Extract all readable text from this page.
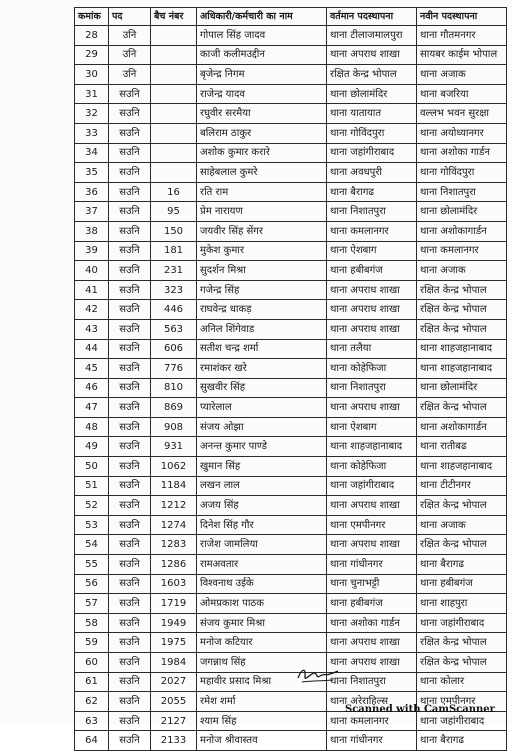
कमांक	पद	बैच नंबर	अधिकारी/कर्मचारी का नाम	वर्तमान पदस्थापना	नवीन पदस्थापना
28	उनि		गोपाल सिंह जादव	थाना टीलाजमालपुरा	थाना गौतमनगर
29	उनि		काजी कलीमउद्दीन	थाना अपराध शाखा	सायबर काईम भोपाल
30	उनि		बृजेन्द्र निगम	रक्षित केन्द्र भोपाल	थाना अजाक
31	सउनि		राजेन्द्र यादव	थाना छोलामंदिर	थाना बजरिया
32	सउनि		रघुवीर सरमैया	थाना यातायात	वल्लभ भवन सुरक्षा
33	सउनि		बलिराम ठाकुर	थाना गोविंदपुरा	थाना अयोध्यानगर
34	सउनि		अशोक कुमार करारे	थाना जहांगीराबाद	थाना अशोका गार्डन
35	सउनि		साहेबलाल कुमरे	थाना अवधपुरी	थाना गोविंदपुरा
36	सउनि	16	रति राम	थाना बैरागढ	थाना निशातपुरा
37	सउनि	95	प्रेम नारायण	थाना निशातपुरा	थाना छोलामंदिर
38	सउनि	150	जयवीर सिंह सेंगर	थाना कमलानगर	थाना अशोकागार्डन
39	सउनि	181	मुकेश कुमार	थाना ऐशबाग	थाना कमलानगर
40	सउनि	231	सुदर्शन मिश्रा	थाना हबीबगंज	थाना अजाक
41	सउनि	323	गजेन्द्र सिंह	थाना अपराध शाखा	रक्षित केन्द्र भोपाल
42	सउनि	446	राघवेन्द्र धाकड़	थाना अपराध शाखा	रक्षित केन्द्र भोपाल
43	सउनि	563	अनिल शिंगेवाड	थाना अपराध शाखा	रक्षित केन्द्र भोपाल
44	सउनि	606	सतीश चन्द्र शर्मा	थाना तलैया	थाना शाहजहानाबाद
45	सउनि	776	रमाशंकर खरे	थाना कोहेफिजा	थाना शाहजहानाबाद
46	सउनि	810	सुखवीर सिंह	थाना निशातपुरा	थाना छोलामंदिर
47	सउनि	869	प्यारेलाल	थाना अपराध शाखा	रक्षित केन्द्र भोपाल
48	सउनि	908	संजय ओझा	थाना ऐशबाग	थाना अशोकागार्डन
49	सउनि	931	अनन्त कुमार पाण्डे	थाना शाहजहानाबाद	थाना रातीबढ
50	सउनि	1062	खुमान सिंह	थाना कोहेफिजा	थाना शाहजहानाबाद
51	सउनि	1184	लखन लाल	थाना जहांगीराबाद	थाना टीटीनगर
52	सउनि	1212	अजय सिंह	थाना अपराध शाखा	रक्षित केन्द्र भोपाल
53	सउनि	1274	दिनेश सिंह गौर	थाना एमपीनगर	थाना अजाक
54	सउनि	1283	राजेश जामलिया	थाना अपराध शाखा	रक्षित केन्द्र भोपाल
55	सउनि	1286	रामअवतार	थाना गांधीनगर	थाना बैरागढ
56	सउनि	1603	विश्वनाथ उईके	थाना चुनाभट्टी	थाना हबीबगंज
57	सउनि	1719	ओमप्रकाश पाठक	थाना हबीबगंज	थाना शाहपुरा
58	सउनि	1949	संजय कुमार मिश्रा	थाना अशोका गार्डन	थाना जहांगीराबाद
59	सउनि	1975	मनोज कटियार	थाना अपराध शाखा	रक्षित केन्द्र भोपाल
60	सउनि	1984	जगन्नाथ सिंह	थाना अपराध शाखा	रक्षित केन्द्र भोपाल
61	सउनि	2027	महावीर प्रसाद मिश्रा	थाना निशातपुरा	थाना कोलार
62	सउनि	2055	रमेश शर्मा	थाना अरेराहिल्स	थाना एमपीनगर
63	सउनि	2127	श्याम सिंह	थाना कमलानगर	थाना जहांगीराबाद
64	सउनि	2133	मनोज श्रीवास्तव	थाना गांधीनगर	थाना बैरागढ
Scanned with CamScanner
